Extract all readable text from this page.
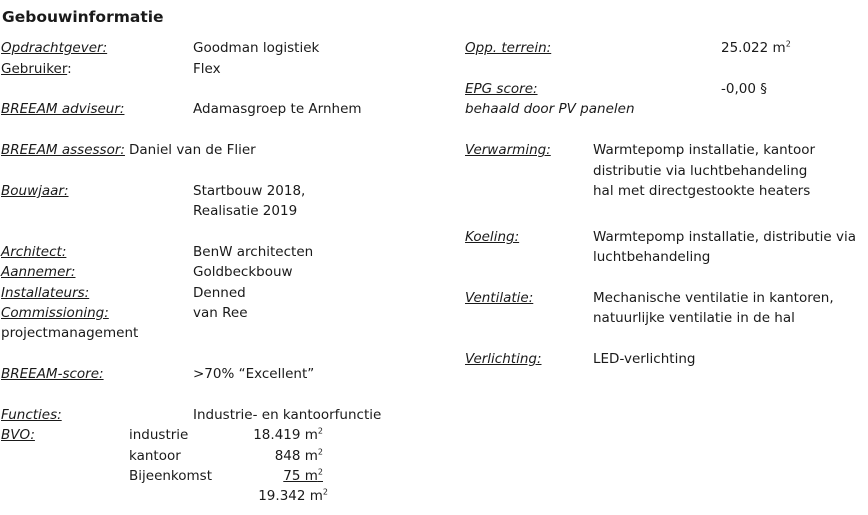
Gebouwinformatie
Opdrachtgever:	Goodman logistiek
Gebruiker:	Flex
BREEAM adviseur:	Adamasgroep te Arnhem
BREEAM assessor: Daniel van de Flier
Bouwjaar:	Startbouw 2018,
Realisatie 2019
Architect:	BenW architecten
Aannemer:	Goldbeckbouw
Installateurs:	Denned
Commissioning:	van Ree
projectmanagement
BREEAM-score:	>70% “Excellent”
Functies:	Industrie- en kantoorfunctie
BVO:	industrie	18.419 $m^2$
kantoor	848 $m^2$
Bijeenkomst	75 $m^2$
19.342 $m^2$
Opp. terrein:	25.022 $m^2$
EPG score:	-0,00 §
behaald door PV panelen
Verwarming:	Warmtepomp installatie, kantoor
distributie via luchtbehandeling
hal met directgestookte heaters
Koeling:	Warmtepomp installatie, distributie via
luchtbehandeling
Ventilatie:	Mechanische ventilatie in kantoren,
natuurlijke ventilatie in de hal
Verlichting:	LED-verlichting
